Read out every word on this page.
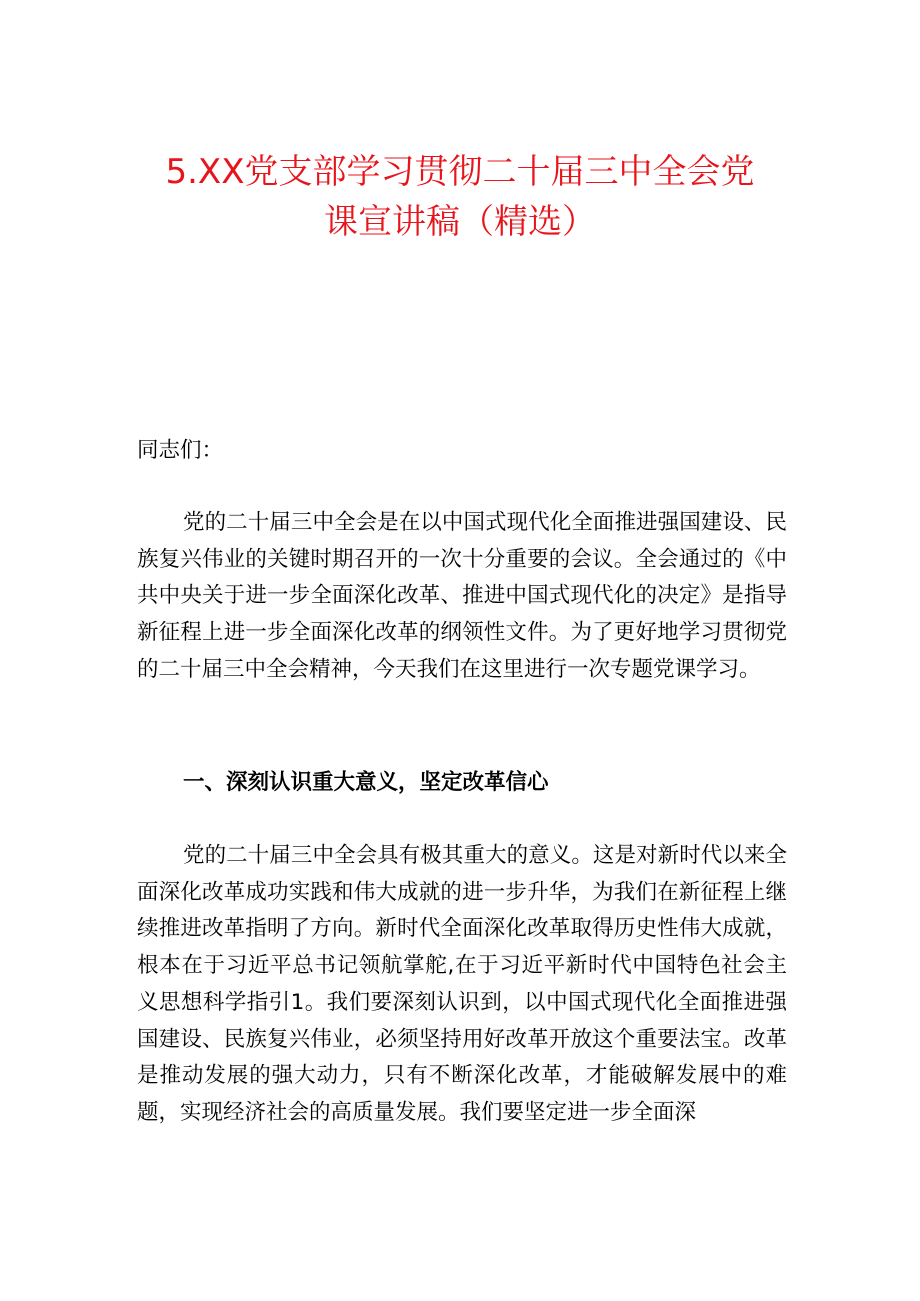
5.XX党支部学习贯彻二十届三中全会党
课宣讲稿（精选）

同志们：

党的二十届三中全会是在以中国式现代化全面推进强国建设、民族复兴伟业的关键时期召开的一次十分重要的会议。全会通过的《中共中央关于进一步全面深化改革、推进中国式现代化的决定》是指导新征程上进一步全面深化改革的纲领性文件。为了更好地学习贯彻党的二十届三中全会精神，今天我们在这里进行一次专题党课学习。

一、深刻认识重大意义，坚定改革信心

党的二十届三中全会具有极其重大的意义。这是对新时代以来全面深化改革成功实践和伟大成就的进一步升华，为我们在新征程上继续推进改革指明了方向。新时代全面深化改革取得历史性伟大成就，根本在于习近平总书记领航掌舵,在于习近平新时代中国特色社会主义思想科学指引1。我们要深刻认识到，以中国式现代化全面推进强国建设、民族复兴伟业，必须坚持用好改革开放这个重要法宝。改革是推动发展的强大动力，只有不断深化改革，才能破解发展中的难题，实现经济社会的高质量发展。我们要坚定进一步全面深
